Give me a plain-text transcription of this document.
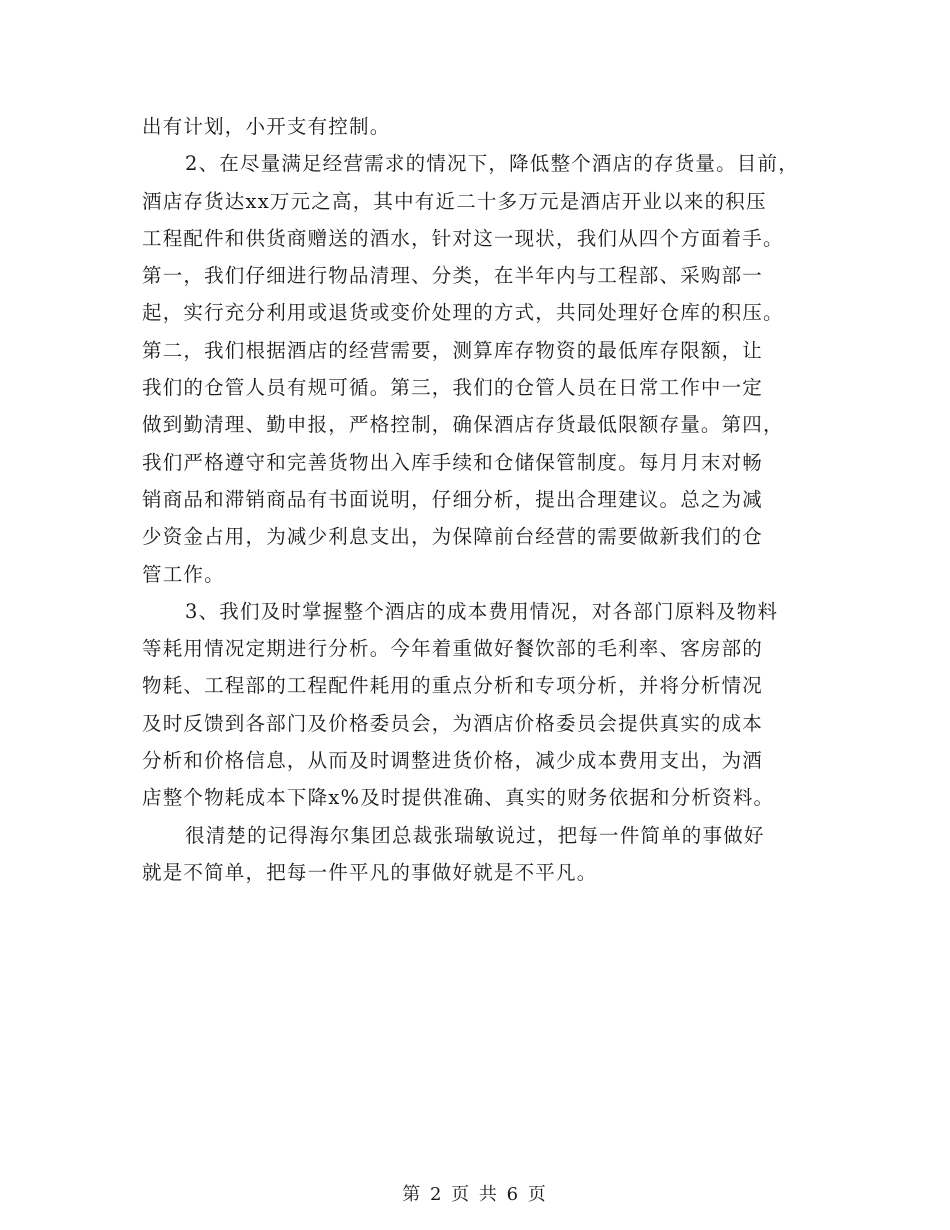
出有计划，小开支有控制。
2、在尽量满足经营需求的情况下，降低整个酒店的存货量。目前，
酒店存货达xx万元之高，其中有近二十多万元是酒店开业以来的积压
工程配件和供货商赠送的酒水，针对这一现状，我们从四个方面着手。
第一，我们仔细进行物品清理、分类，在半年内与工程部、采购部一
起，实行充分利用或退货或变价处理的方式，共同处理好仓库的积压。
第二，我们根据酒店的经营需要，测算库存物资的最低库存限额，让
我们的仓管人员有规可循。第三，我们的仓管人员在日常工作中一定
做到勤清理、勤申报，严格控制，确保酒店存货最低限额存量。第四，
我们严格遵守和完善货物出入库手续和仓储保管制度。每月月末对畅
销商品和滞销商品有书面说明，仔细分析，提出合理建议。总之为减
少资金占用，为减少利息支出，为保障前台经营的需要做新我们的仓
管工作。
3、我们及时掌握整个酒店的成本费用情况，对各部门原料及物料
等耗用情况定期进行分析。今年着重做好餐饮部的毛利率、客房部的
物耗、工程部的工程配件耗用的重点分析和专项分析，并将分析情况
及时反馈到各部门及价格委员会，为酒店价格委员会提供真实的成本
分析和价格信息，从而及时调整进货价格，减少成本费用支出，为酒
店整个物耗成本下降x%及时提供准确、真实的财务依据和分析资料。
很清楚的记得海尔集团总裁张瑞敏说过，把每一件简单的事做好
就是不简单，把每一件平凡的事做好就是不平凡。
第 2 页 共 6 页
